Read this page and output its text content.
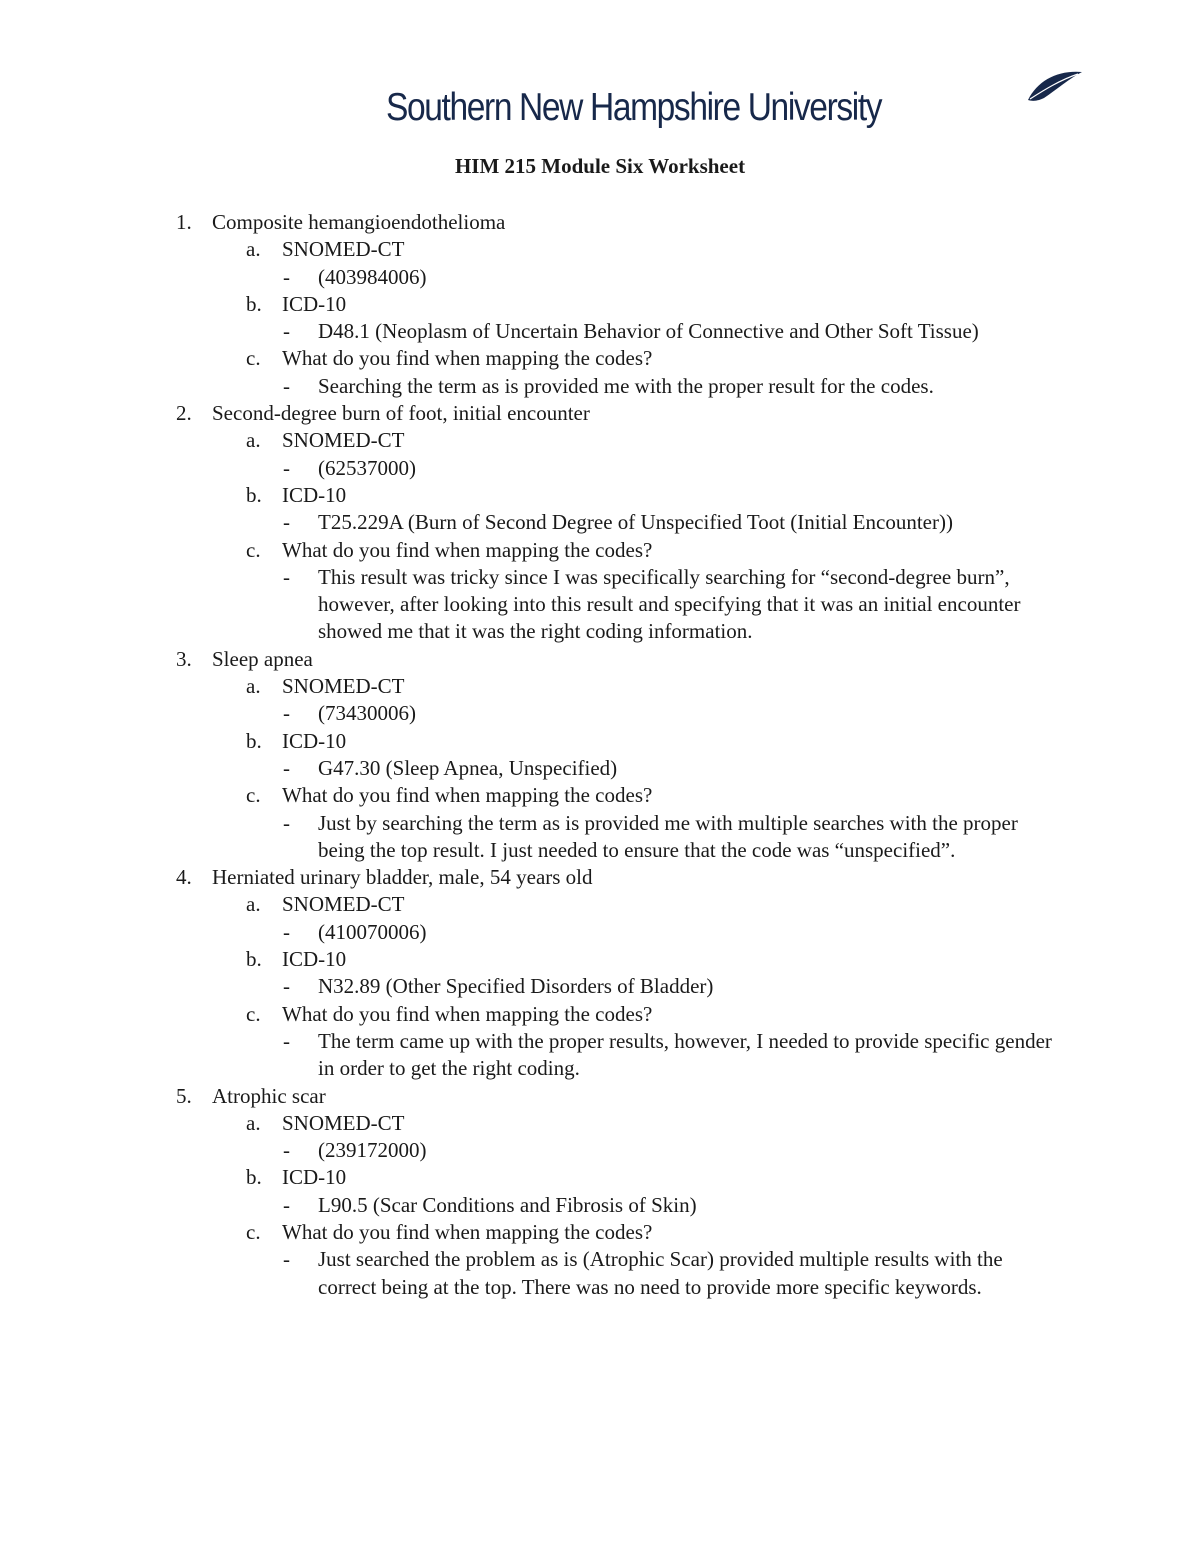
Southern New Hampshire University
HIM 215 Module Six Worksheet
1. Composite hemangioendothelioma
a. SNOMED-CT
- (403984006)
b. ICD-10
- D48.1 (Neoplasm of Uncertain Behavior of Connective and Other Soft Tissue)
c. What do you find when mapping the codes?
- Searching the term as is provided me with the proper result for the codes.
2. Second-degree burn of foot, initial encounter
a. SNOMED-CT
- (62537000)
b. ICD-10
- T25.229A (Burn of Second Degree of Unspecified Toot (Initial Encounter))
c. What do you find when mapping the codes?
- This result was tricky since I was specifically searching for “second-degree burn”, however, after looking into this result and specifying that it was an initial encounter showed me that it was the right coding information.
3. Sleep apnea
a. SNOMED-CT
- (73430006)
b. ICD-10
- G47.30 (Sleep Apnea, Unspecified)
c. What do you find when mapping the codes?
- Just by searching the term as is provided me with multiple searches with the proper being the top result. I just needed to ensure that the code was “unspecified”.
4. Herniated urinary bladder, male, 54 years old
a. SNOMED-CT
- (410070006)
b. ICD-10
- N32.89 (Other Specified Disorders of Bladder)
c. What do you find when mapping the codes?
- The term came up with the proper results, however, I needed to provide specific gender in order to get the right coding.
5. Atrophic scar
a. SNOMED-CT
- (239172000)
b. ICD-10
- L90.5 (Scar Conditions and Fibrosis of Skin)
c. What do you find when mapping the codes?
- Just searched the problem as is (Atrophic Scar) provided multiple results with the correct being at the top. There was no need to provide more specific keywords.
